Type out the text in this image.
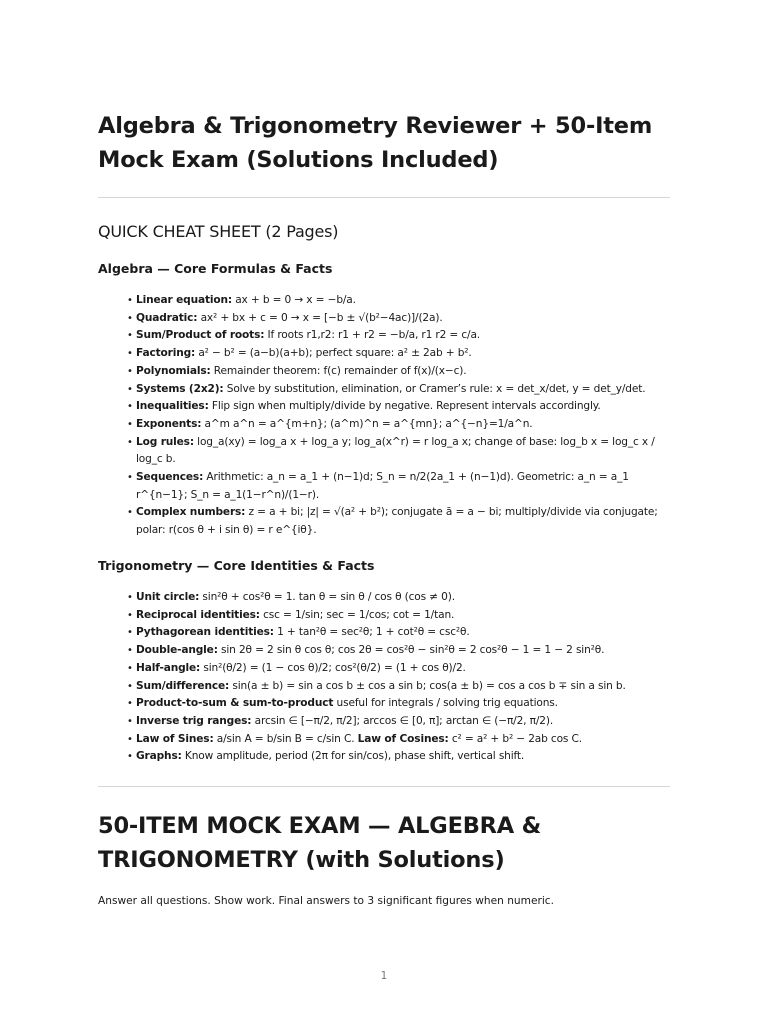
Algebra & Trigonometry Reviewer + 50-Item Mock Exam (Solutions Included)
QUICK CHEAT SHEET (2 Pages)
Algebra — Core Formulas & Facts
• Linear equation: ax + b = 0 → x = −b/a.
• Quadratic: ax² + bx + c = 0 → x = [−b ± √(b²−4ac)]/(2a).
• Sum/Product of roots: If roots r1,r2: r1 + r2 = −b/a, r1 r2 = c/a.
• Factoring: a² − b² = (a−b)(a+b); perfect square: a² ± 2ab + b².
• Polynomials: Remainder theorem: f(c) remainder of f(x)/(x−c).
• Systems (2x2): Solve by substitution, elimination, or Cramer’s rule: x = det_x/det, y = det_y/det.
• Inequalities: Flip sign when multiply/divide by negative. Represent intervals accordingly.
• Exponents: a^m a^n = a^{m+n}; (a^m)^n = a^{mn}; a^{−n}=1/a^n.
• Log rules: log_a(xy) = log_a x + log_a y; log_a(x^r) = r log_a x; change of base: log_b x = log_c x / log_c b.
• Sequences: Arithmetic: a_n = a_1 + (n−1)d; S_n = n/2(2a_1 + (n−1)d). Geometric: a_n = a_1 r^{n−1}; S_n = a_1(1−r^n)/(1−r).
• Complex numbers: z = a + bi; |z| = √(a² + b²); conjugate ā = a − bi; multiply/divide via conjugate; polar: r(cos θ + i sin θ) = r e^{iθ}.
Trigonometry — Core Identities & Facts
• Unit circle: sin²θ + cos²θ = 1. tan θ = sin θ / cos θ (cos ≠ 0).
• Reciprocal identities: csc = 1/sin; sec = 1/cos; cot = 1/tan.
• Pythagorean identities: 1 + tan²θ = sec²θ; 1 + cot²θ = csc²θ.
• Double-angle: sin 2θ = 2 sin θ cos θ; cos 2θ = cos²θ − sin²θ = 2 cos²θ − 1 = 1 − 2 sin²θ.
• Half-angle: sin²(θ/2) = (1 − cos θ)/2; cos²(θ/2) = (1 + cos θ)/2.
• Sum/difference: sin(a ± b) = sin a cos b ± cos a sin b; cos(a ± b) = cos a cos b ∓ sin a sin b.
• Product-to-sum & sum-to-product useful for integrals / solving trig equations.
• Inverse trig ranges: arcsin ∈ [−π/2, π/2]; arccos ∈ [0, π]; arctan ∈ (−π/2, π/2).
• Law of Sines: a/sin A = b/sin B = c/sin C. Law of Cosines: c² = a² + b² − 2ab cos C.
• Graphs: Know amplitude, period (2π for sin/cos), phase shift, vertical shift.
50-ITEM MOCK EXAM — ALGEBRA & TRIGONOMETRY (with Solutions)

Answer all questions. Show work. Final answers to 3 significant figures when numeric.

1
